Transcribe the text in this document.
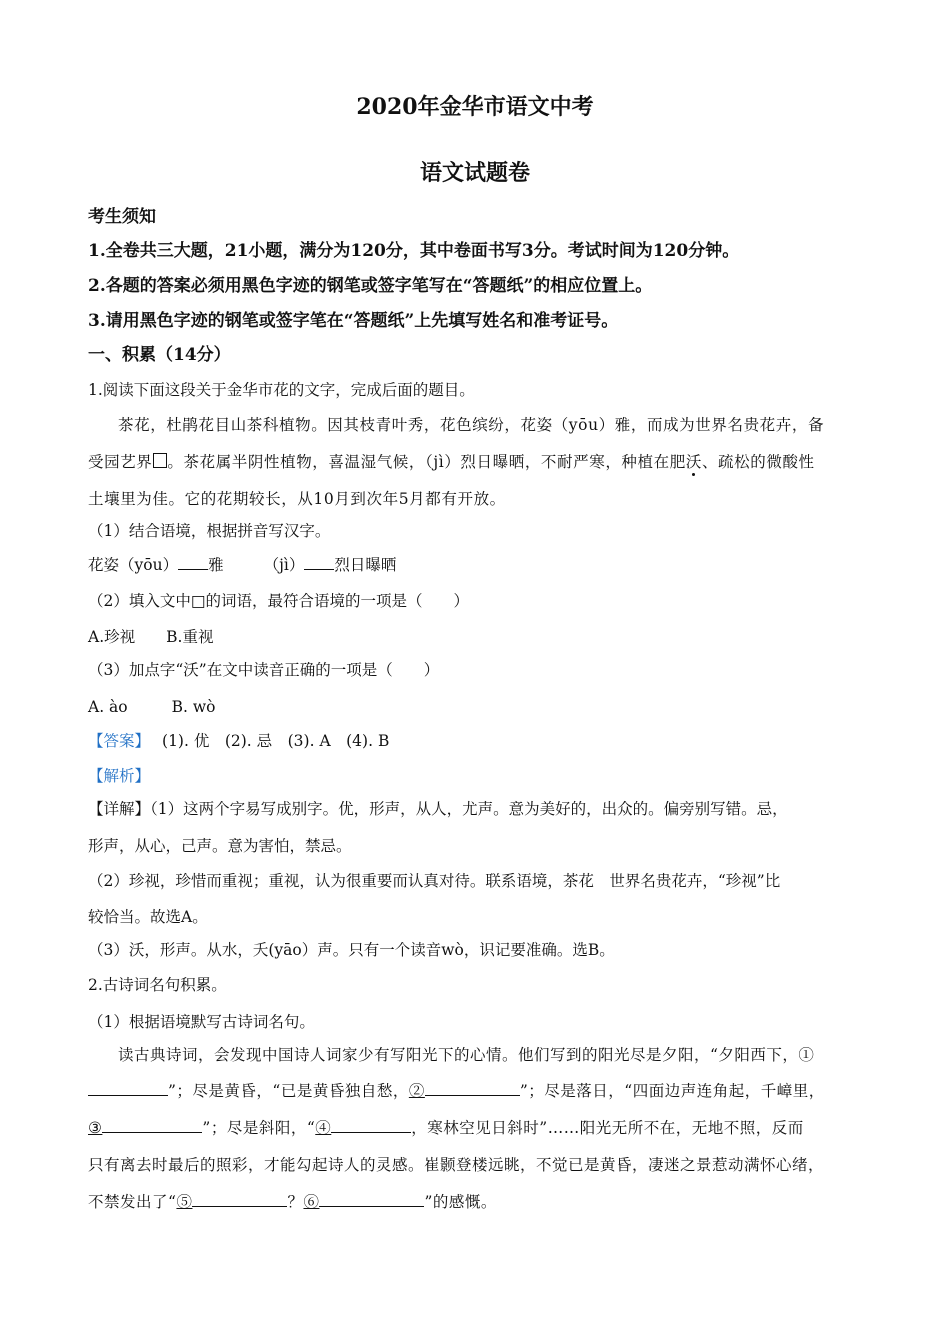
2020年金华市语文中考
语文试题卷
考生须知
1.全卷共三大题，21小题，满分为120分，其中卷面书写3分。考试时间为120分钟。
2.各题的答案必须用黑色字迹的钢笔或签字笔写在“答题纸”的相应位置上。
3.请用黑色字迹的钢笔或签字笔在“答题纸”上先填写姓名和准考证号。
一、积累（14分）
1.阅读下面这段关于金华市花的文字，完成后面的题目。
茶花，杜鹃花目山茶科植物。因其枝青叶秀，花色缤纷，花姿（yōu）雅，而成为世界名贵花卉，备
受园艺界 。茶花属半阴性植物，喜温湿气候，（jì）烈日曝晒，不耐严寒，种植在肥沃、疏松的微酸性
土壤里为佳。它的花期较长，从10月到次年5月都有开放。
（1）结合语境，根据拼音写汉字。
花姿（yōu） 雅	（jì） 烈日曝晒
（2）填入文中□的词语，最符合语境的一项是（　　）
A.珍视　　B.重视
（3）加点字“沃”在文中读音正确的一项是（　　）
A. ào	B. wò
【答案】 (1). 优　(2). 忌　(3). A　(4). B
【解析】
【详解】（1）这两个字易写成别字。优，形声，从人，尤声。意为美好的，出众的。偏旁别写错。忌，
形声，从心，己声。意为害怕，禁忌。
（2）珍视，珍惜而重视；重视，认为很重要而认真对待。联系语境，茶花　世界名贵花卉，“珍视”比
较恰当。故选A。
（3）沃，形声。从水，夭(yāo）声。只有一个读音wò，识记要准确。选B。
2.古诗词名句积累。
（1）根据语境默写古诗词名句。
读古典诗词，会发现中国诗人词家少有写阳光下的心情。他们写到的阳光尽是夕阳，“夕阳西下，①
”；尽是黄昏，“已是黄昏独自愁，②	”；尽是落日，“四面边声连角起，千嶂里，
③	”；尽是斜阳，“④	，寒林空见日斜时”……阳光无所不在，无地不照，反而
只有离去时最后的照彩，才能勾起诗人的灵感。崔颢登楼远眺，不觉已是黄昏，凄迷之景惹动满怀心绪，
不禁发出了“⑤	？⑥	”的感慨。
